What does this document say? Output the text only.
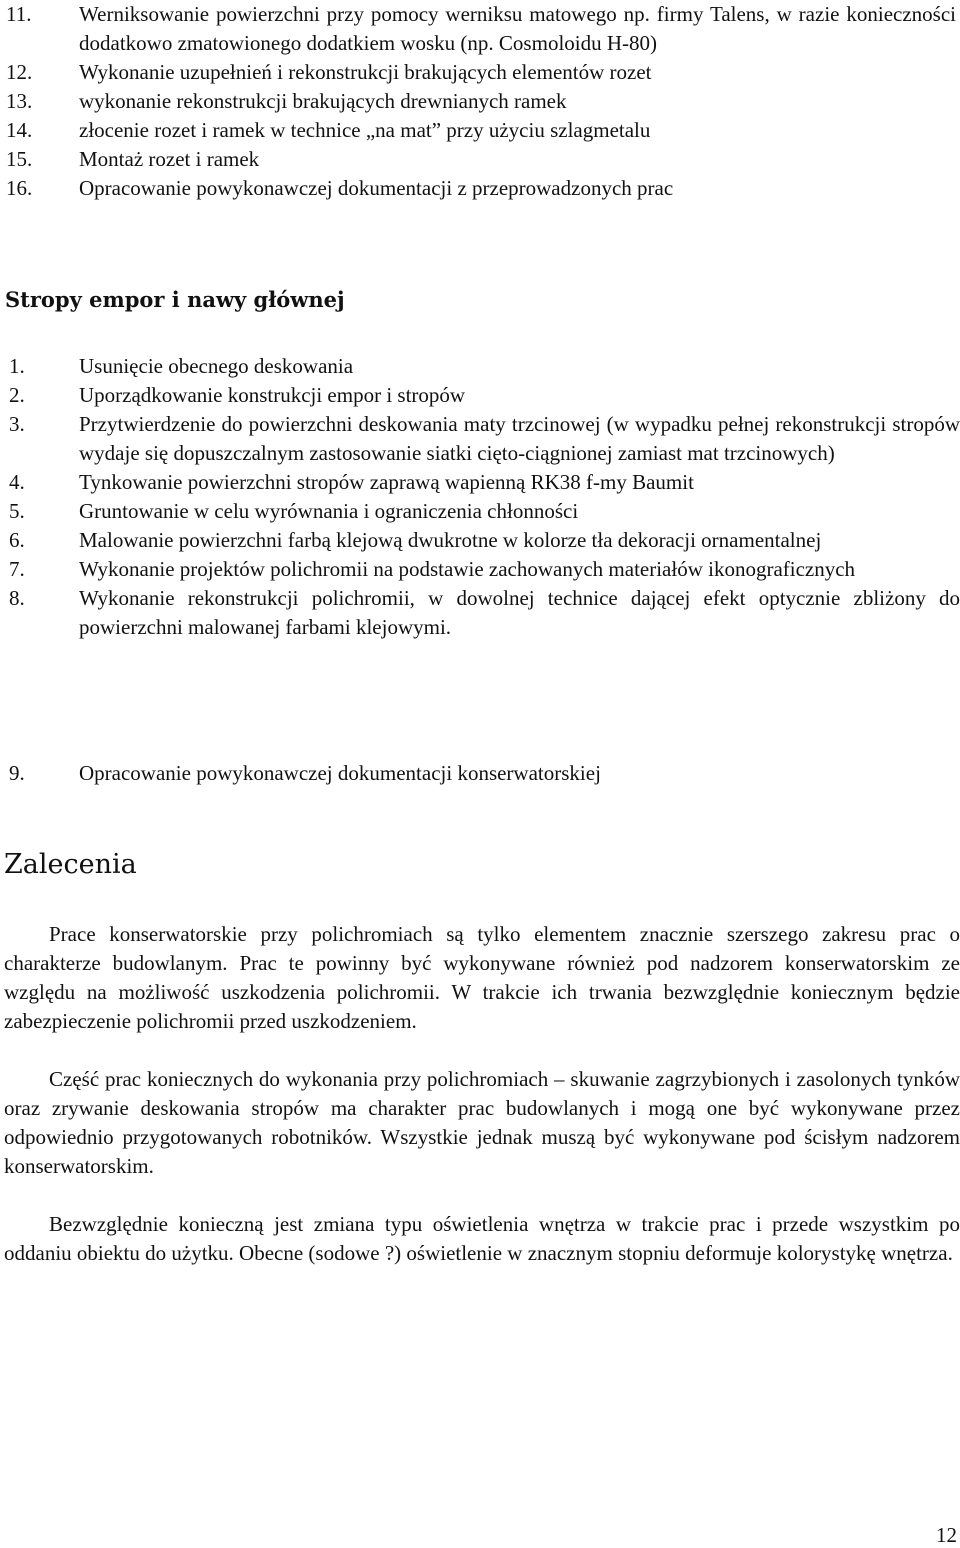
11. Werniksowanie powierzchni przy pomocy werniksu matowego np. firmy Talens, w razie konieczności dodatkowo zmatowionego dodatkiem wosku (np. Cosmoloidu H-80)
12. Wykonanie uzupełnień i rekonstrukcji brakujących elementów rozet
13. wykonanie rekonstrukcji brakujących drewnianych ramek
14. złocenie rozet i ramek w technice „na mat” przy użyciu szlagmetalu
15. Montaż rozet i ramek
16. Opracowanie powykonawczej dokumentacji z przeprowadzonych prac
Stropy empor i nawy głównej
1.	Usunięcie obecnego deskowania
2.	Uporządkowanie konstrukcji empor i stropów
3.	Przytwierdzenie do powierzchni deskowania maty trzcinowej (w wypadku pełnej rekonstrukcji stropów wydaje się dopuszczalnym zastosowanie siatki cięto-ciągnionej zamiast mat trzcinowych)
4.	Tynkowanie powierzchni stropów zaprawą wapienną RK38 f-my Baumit
5.	Gruntowanie w celu wyrównania i ograniczenia chłonności
6.	Malowanie powierzchni farbą klejową dwukrotne w kolorze tła dekoracji ornamentalnej
7.	Wykonanie projektów polichromii na podstawie zachowanych materiałów ikonograficznych
8.	Wykonanie rekonstrukcji polichromii, w dowolnej technice dającej efekt optycznie zbliżony do powierzchni malowanej farbami klejowymi.
9.	Opracowanie powykonawczej dokumentacji konserwatorskiej
Zalecenia

Prace konserwatorskie przy polichromiach są tylko elementem znacznie szerszego zakresu prac o charakterze budowlanym. Prac te powinny być wykonywane również pod nadzorem konserwatorskim ze względu na możliwość uszkodzenia polichromii. W trakcie ich trwania bezwzględnie koniecznym będzie zabezpieczenie polichromii przed uszkodzeniem.

Część prac koniecznych do wykonania przy polichromiach – skuwanie zagrzybionych i zasolonych tynków oraz zrywanie deskowania stropów ma charakter prac budowlanych i mogą one być wykonywane przez odpowiednio przygotowanych robotników. Wszystkie jednak muszą być wykonywane pod ścisłym nadzorem konserwatorskim.

Bezwzględnie konieczną jest zmiana typu oświetlenia wnętrza w trakcie prac i przede wszystkim po oddaniu obiektu do użytku. Obecne (sodowe ?) oświetlenie w znacznym stopniu deformuje kolorystykę wnętrza.

12
